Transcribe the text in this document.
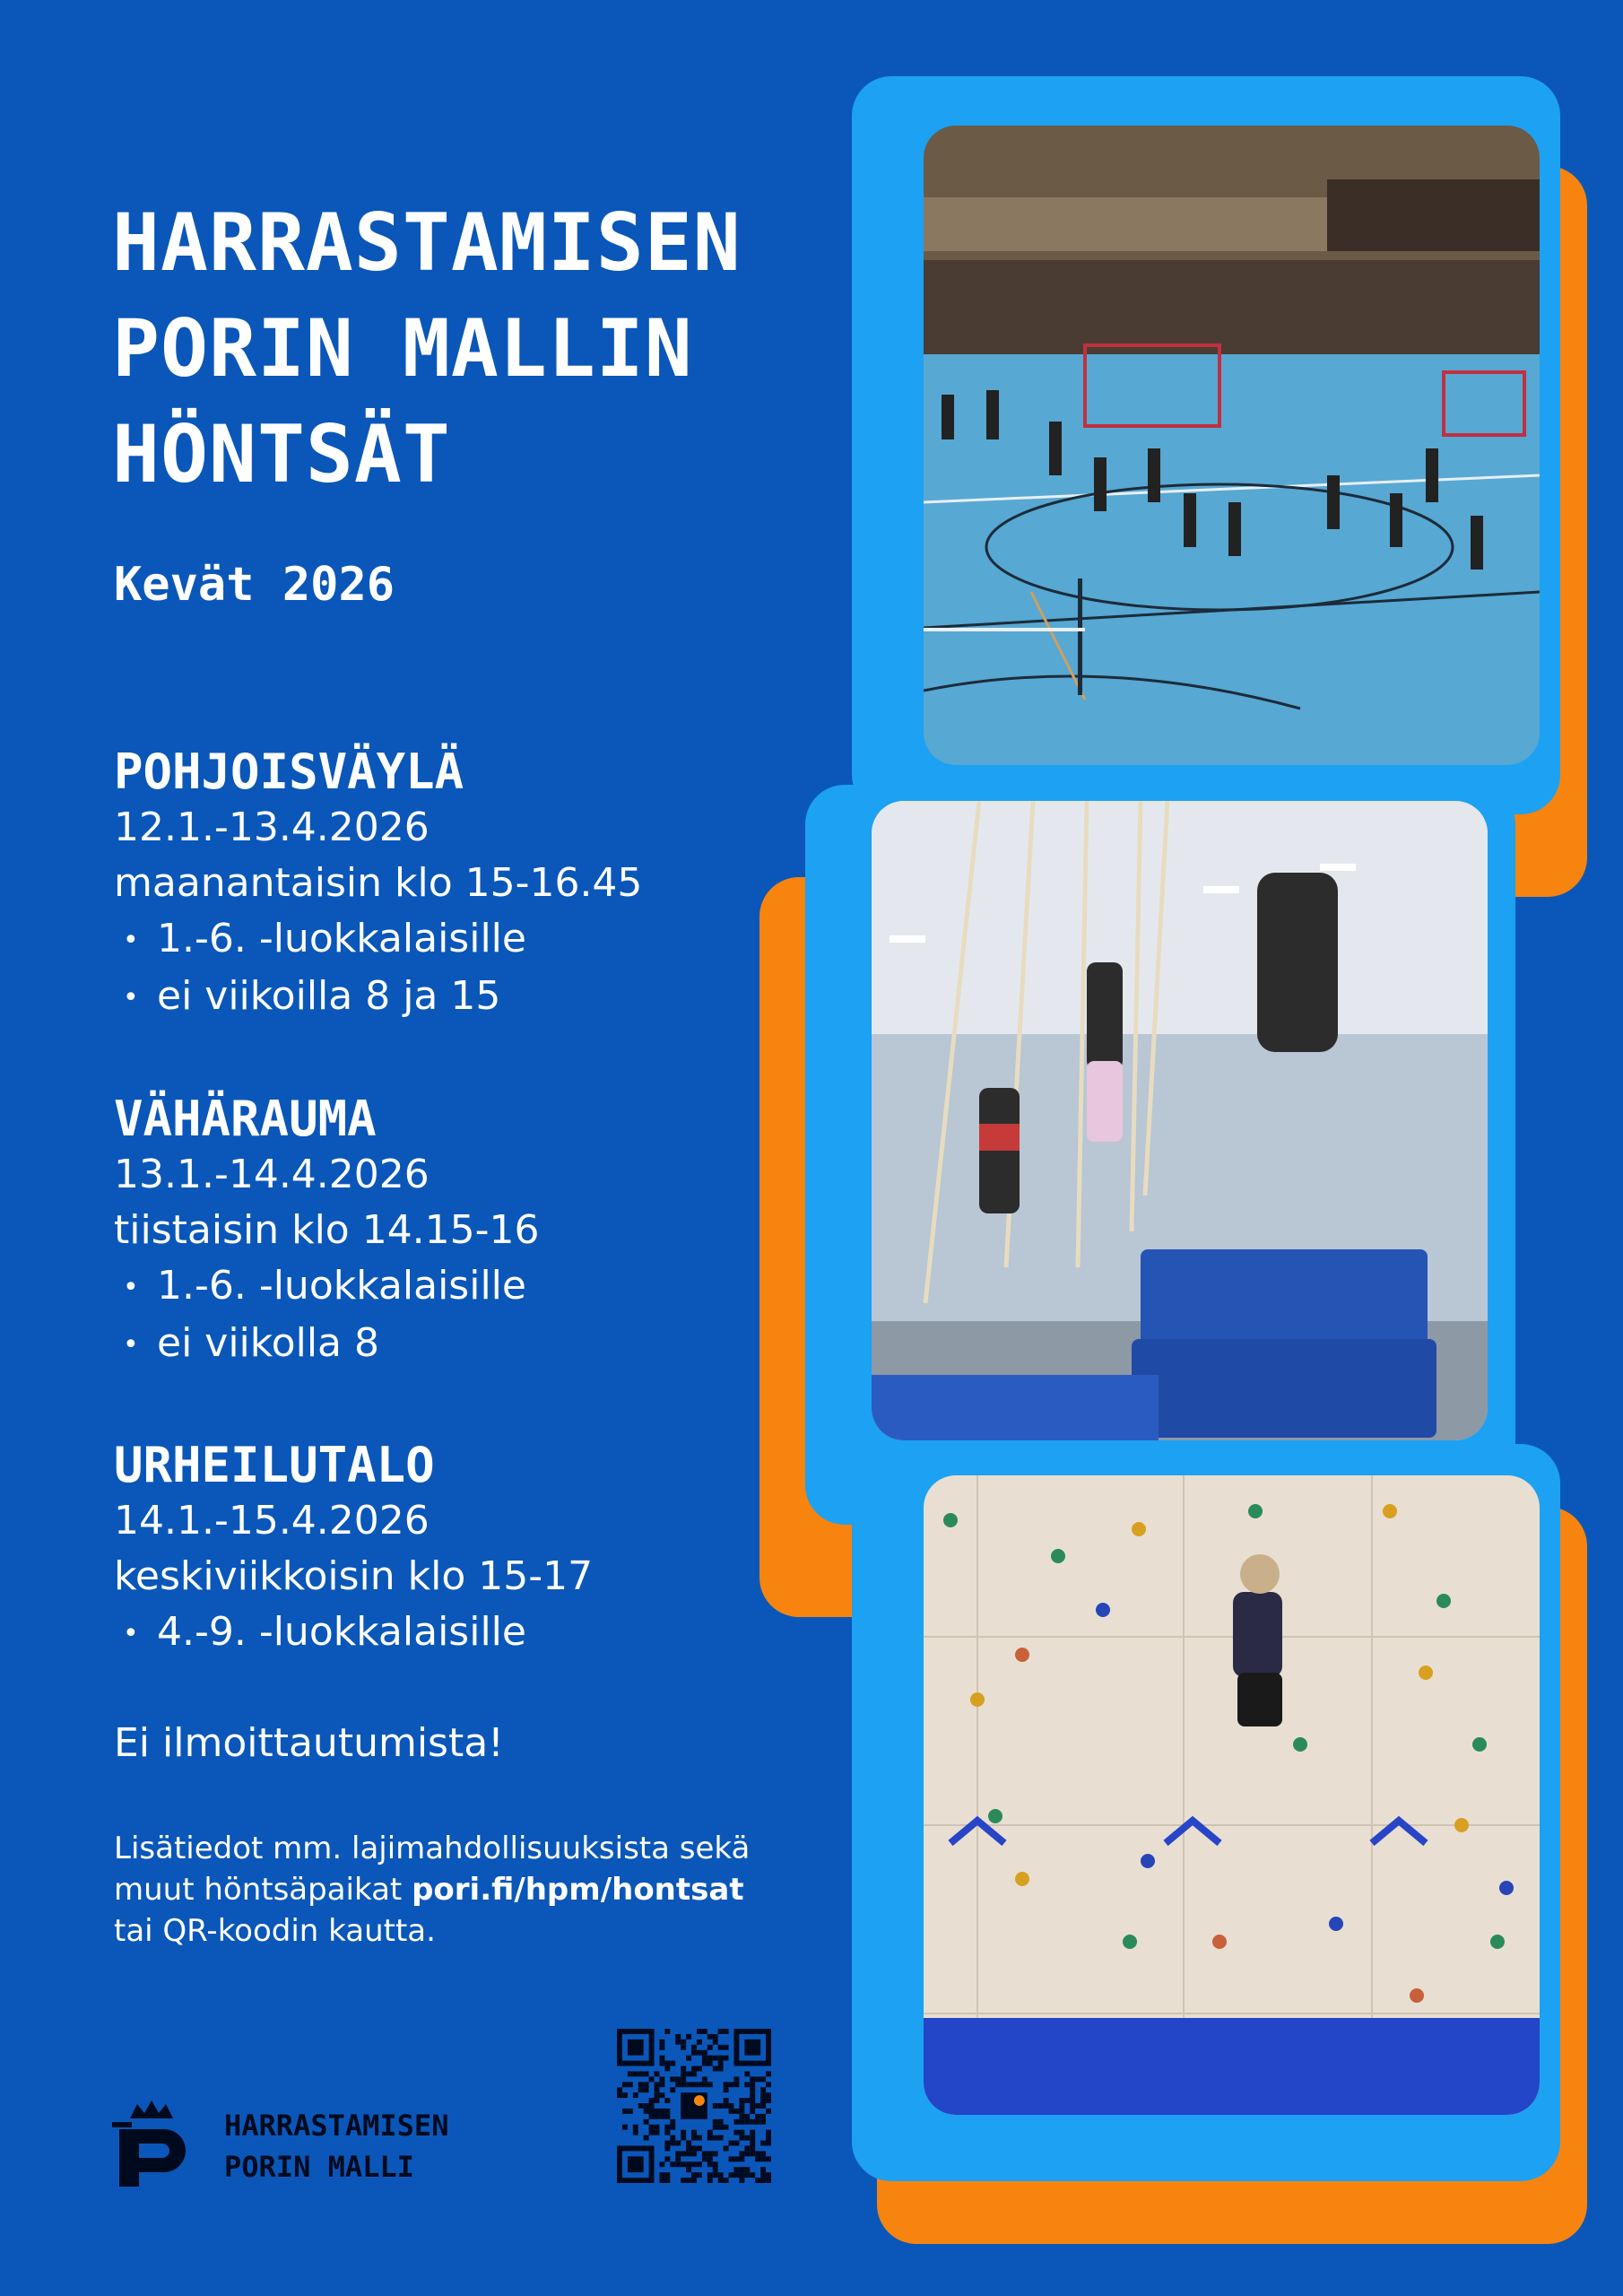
HARRASTAMISEN
PORIN MALLIN
HÖNTSÄT
Kevät 2026
POHJOISVÄYLÄ
12.1.-13.4.2026
maanantaisin klo 15-16.45
• 1.-6. -luokkalaisille
• ei viikoilla 8 ja 15
VÄHÄRAUMA
13.1.-14.4.2026
tiistaisin klo 14.15-16
• 1.-6. -luokkalaisille
• ei viikolla 8
URHEILUTALO
14.1.-15.4.2026
keskiviikkoisin klo 15-17
• 4.-9. -luokkalaisille
Ei ilmoittautumista!
Lisätiedot mm. lajimahdollisuuksista sekä
muut höntsäpaikat pori.fi/hpm/hontsat
tai QR-koodin kautta.
HARRASTAMISEN
PORIN MALLI
